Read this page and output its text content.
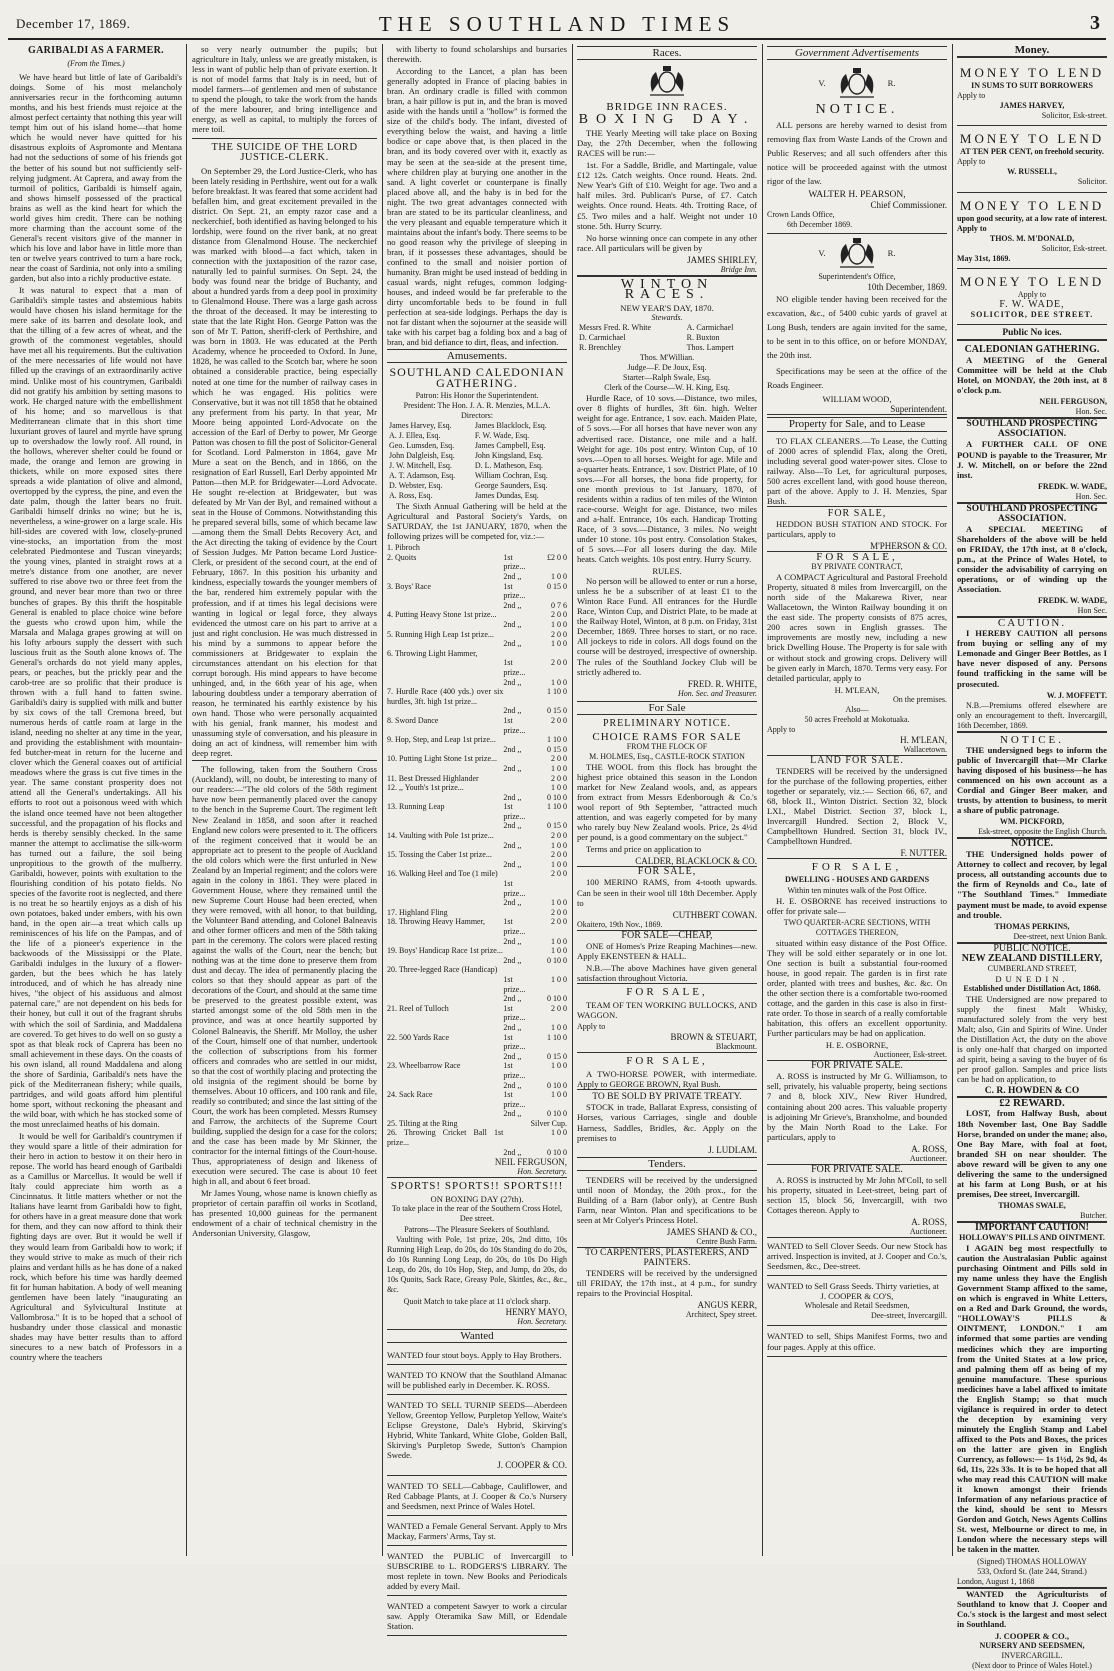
December 17, 1869.	THE SOUTHLAND TIMES	3
GARIBALDI AS A FARMER.
(From the Times.)

We have heard but little of late of Garibaldi's doings. Some of his most melancholy anniversaries recur in the forthcoming autumn months, and his best friends must rejoice at the almost perfect certainty that nothing this year will tempt him out of his island home—that home which he would never have quitted for his disastrous exploits of Aspromonte and Mentana had not the seductions of some of his friends got the better of his sound but not sufficiently self-relying judgment. At Caprera, and away from the turmoil of politics, Garibaldi is himself again, and shows himself possessed of the practical brains as well as the kind heart for which the world gives him credit. There can be nothing more charming than the account some of the General's recent visitors give of the manner in which his love and labor have in little more than ten or twelve years contrived to turn a bare rock, near the coast of Sardinia, not only into a smiling garden, but also into a richly productive estate.

It was natural to expect that a man of Garibaldi's simple tastes and abstemious habits would have chosen his island hermitage for the mere sake of its barren and desolate look, and that the tilling of a few acres of wheat, and the growth of the commonest vegetables, should have met all his requirements. But the cultivation of the mere necessaries of life would not have filled up the cravings of an extraordinarily active mind. Unlike most of his countrymen, Garibaldi did not gratify his ambition by setting masons to work. He charged nature with the embellishment of his home; and so marvellous is that Mediterranean climate that in this short time luxuriant groves of laurel and myrtle have sprung up to overshadow the lowly roof. All round, in the hollows, wherever shelter could be found or made, the orange and lemon are growing in thickets, while on more exposed sites there spreads a wide plantation of olive and almond, overtopped by the cypress, the pine, and even the date palm, though the latter bears no fruit. Garibaldi himself drinks no wine; but he is, nevertheless, a wine-grower on a large scale. His hill-sides are covered with low, closely-pruned vine-stocks, an importation from the most celebrated Piedmontese and Tuscan vineyards; the young vines, planted in straight rows at a metre's distance from one another, are never suffered to rise above two or three feet from the ground, and never bear more than two or three bunches of grapes. By this thrift the hospitable General is enabled to place choice wine before the guests who crowd upon him, while the Marsala and Malaga grapes growing at will on his lofty arbours supply the dessert with such luscious fruit as the South alone knows of. The General's orchards do not yield many apples, pears, or peaches, but the prickly pear and the carob-tree are so prolific that their produce is thrown with a full hand to fatten swine. Garibaldi's dairy is supplied with milk and butter by six cows of the tall Cremona breed, but numerous herds of cattle roam at large in the island, needing no shelter at any time in the year, and providing the establishment with mountain-fed butcher-meat in return for the lucerne and clover which the General coaxes out of artificial meadows where the grass is cut five times in the year. The same constant prosperity does not attend all the General's undertakings. All his efforts to root out a poisonous weed with which the island once teemed have not been altogether successful, and the propagation of his flocks and herds is thereby sensibly checked. In the same manner the attempt to acclimatise the silk-worm has turned out a failure, the soil being unpropitious to the growth of the mulberry. Garibaldi, however, points with exultation to the flourishing condition of his potato fields. No species of the favorite root is neglected, and there is no treat he so heartily enjoys as a dish of his own potatoes, baked under embers, with his own hand, in the open air—a treat which calls up reminiscences of his life on the Pampas, and of the life of a pioneer's experience in the backwoods of the Mississippi or the Plate. Garibaldi indulges in the luxury of a flower-garden, but the bees which he has lately introduced, and of which he has already nine hives, "the object of his assiduous and almost paternal care," are not dependent on his beds for their honey, but cull it out of the fragrant shrubs with which the soil of Sardinia, and Maddalena are covered. To get hives to do well on so gusty a spot as that bleak rock of Caprera has been no small achievement in these days. On the coasts of his own island, all round Maddalena and along the shore of Sardinia, Garibaldi's nets have the pick of the Mediterranean fishery; while quails, partridges, and wild goats afford him plentiful home sport, without reckoning the pheasant and the wild boar, with which he has stocked some of the most unreclaimed heaths of his domain.

It would be well for Garibaldi's countrymen if they would spare a little of their admiration for their hero in action to bestow it on their hero in repose. The world has heard enough of Garibaldi as a Camillus or Marcellus. It would be well if Italy could appreciate him worth as a Cincinnatus. It little matters whether or not the Italians have learnt from Garibaldi how to fight, for others have in a great measure done that work for them, and they can now afford to think their fighting days are over. But it would be well if they would learn from Garibaldi how to work; if they would strive to make as much of their rich plains and verdant hills as he has done of a naked rock, which before his time was hardly deemed fit for human habitation. A body of well meaning gentlemen have been lately "inaugurating an Agricultural and Sylvicultural Institute at Vallombrosa." It is to be hoped that a school of husbandry under those classical and monastic shades may have better results than to afford sinecures to a new batch of Professors in a country where the teachers

so very nearly outnumber the pupils; but agriculture in Italy, unless we are greatly mistaken, is less in want of public help than of private exertion. It is not of model farms that Italy is in need, but of model farmers—of gentlemen and men of substance to spend the plough, to take the work from the hands of the mere labourer, and bring intelligence and energy, as well as capital, to multiply the forces of mere toil.

THE SUICIDE OF THE LORD JUSTICE-CLERK.

On September 29, the Lord Justice-Clerk, who has been lately residing in Perthshire, went out for a walk before breakfast. It was feared that some accident had befallen him, and great excitement prevailed in the district. On Sept. 21, an empty razor case and a neckerchief, both identified as having belonged to his lordship, were found on the river bank, at no great distance from Glenalmond House. The neckerchief was marked with blood—a fact which, taken in connection with the juxtaposition of the razor case, naturally led to painful surmises. On Sept. 24, the body was found near the bridge of Buchanty, and about a hundred yards from a deep pool in proximity to Glenalmond House. There was a large gash across the throat of the deceased. It may be interesting to state that the late Right Hon. George Patton was the son of Mr T. Patton, sheriff-clerk of Perthshire, and was born in 1803. He was educated at the Perth Academy, whence he proceeded to Oxford. In June, 1828, he was called to the Scotch bar, where he soon obtained a considerable practice, being especially noted at one time for the number of railway cases in which he was engaged. His politics were Conservative, but it was not till 1858 that he obtained any preferment from his party. In that year, Mr Moore being appointed Lord-Advocate on the accession of the Earl of Derby to power, Mr George Patton was chosen to fill the post of Solicitor-General for Scotland. Lord Palmerston in 1864, gave Mr Mure a seat on the Bench, and in 1866, on the resignation of Earl Russell, Earl Derby appointed Mr Patton—then M.P. for Bridgewater—Lord Advocate. He sought re-election at Bridgewater, but was defeated by Mr Van der Byl, and remained without a seat in the House of Commons. Notwithstanding this he prepared several bills, some of which became law—among them the Small Debts Recovery Act, and the Act directing the taking of evidence by the Court of Session Judges. Mr Patton became Lord Justice-Clerk, or president of the second court, at the end of February, 1867. In this position his urbanity and kindness, especially towards the younger members of the bar, rendered him extremely popular with the profession, and if at times his legal decisions were wanting in logical or legal force, they always evidenced the utmost care on his part to arrive at a just and right conclusion. He was much distressed in his mind by a summons to appear before the commissioners at Bridgewater to explain the circumstances attendant on his election for that corrupt borough. His mind appears to have become unhinged, and, in the 66th year of his age, when labouring doubtless under a temporary aberration of reason, he terminated his earthly existence by his own hand. Those who were personally acquainted with his genial, frank manner, his modest and unassuming style of conversation, and his pleasure in doing an act of kindness, will remember him with deep regret.

The following, taken from the Southern Cross (Auckland), will, no doubt, be interesting to many of our readers:—"The old colors of the 58th regiment have now been permanently placed over the canopy to the bench in the Supreme Court. The regiment left New Zealand in 1858, and soon after it reached England new colors were presented to it. The officers of the regiment conceived that it would be an appropriate act to present to the people of Auckland the old colors which were the first unfurled in New Zealand by an Imperial regiment; and the colors were again in the colony in 1861. They were placed in Government House, where they remained until the new Supreme Court House had been erected, when they were removed, with all honor, to that building, the Volunteer Band attending, and Colonel Balneavis and other former officers and men of the 58th taking part in the ceremony. The colors were placed resting against the walls of the Court, near the bench; but nothing was at the time done to preserve them from dust and decay. The idea of permanently placing the colors so that they should appear as part of the decorations of the Court, and should at the same time be preserved to the greatest possible extent, was started amongst some of the old 58th men in the province, and was at once heartily supported by Colonel Balneavis, the Sheriff. Mr Molloy, the usher of the Court, himself one of that number, undertook the collection of subscriptions from his former officers and comrades who are settled in our midst, so that the cost of worthily placing and protecting the old insignia of the regiment should be borne by themselves. About 10 officers, and 100 rank and file, readily so contributed; and since the last sitting of the Court, the work has been completed. Messrs Rumsey and Farrow, the architects of the Supreme Court building, supplied the design for a case for the colors; and the case has been made by Mr Skinner, the contractor for the internal fittings of the Court-house. Thus, appropriateness of design and likeness of execution were secured. The case is about 10 feet high in all, and about 6 feet broad.

Mr James Young, whose name is known chiefly as proprietor of certain paraffin oil works in Scotland, has presented 10,000 guineas for the permanent endowment of a chair of technical chemistry in the Andersonian University, Glasgow,

with liberty to found scholarships and bursaries therewith.

According to the Lancet, a plan has been generally adopted in France of placing babies in bran. An ordinary cradle is filled with common bran, a hair pillow is put in, and the bran is moved aside with the hands until a "hollow" is formed the size of the child's body. The infant, divested of everything below the waist, and having a little bodice or cape above that, is then placed in the bran, and its body covered over with it, exactly as may be seen at the sea-side at the present time, where children play at burying one another in the sand. A light coverlet or counterpane is finally placed above all, and the baby is in bed for the night. The two great advantages connected with bran are stated to be its particular cleanliness, and the very pleasant and equable temperature which it maintains about the infant's body. There seems to be no good reason why the privilege of sleeping in bran, if it possesses these advantages, should be confined to the small and noisier portion of humanity. Bran might be used instead of bedding in casual wards, night refuges, common lodging-houses, and indeed would be far preferable to the dirty uncomfortable beds to be found in full perfection at sea-side lodgings. Perhaps the day is not far distant when the sojourner at the seaside will take with his carpet bag a folding box and a bag of bran, and bid defiance to dirt, fleas, and infection.

Amusements.
SOUTHLAND CALEDONIAN GATHERING.
Patron: His Honor the Superintendent.
President: The Hon. J. A. R. Menzies, M.L.A.
Directors:
James Harvey, Esq.	James Blacklock, Esq.
A. J. Ellea, Esq.	F. W. Wade, Esq.
Geo. Lumsden, Esq.	James Campbell, Esq.
John Dalgleish, Esq.	John Kingsland, Esq.
J. W. Mitchell, Esq.	D. L. Matheson, Esq.
A. T. Adamson, Esq.	William Cochran, Esq.
D. Webster, Esq.	George Saunders, Esq.
A. Ross, Esq.	James Dundas, Esq.

The Sixth Annual Gathering will be held at the Agricultural and Pastoral Society's Yards, on SATURDAY, the 1st JANUARY, 1870, when the following prizes will be competed for, viz.:—

1. Pibroch		
2. Quoits	1st prize...	£2 0 0
	2nd ,,	1 0 0
3. Boys' Race	1st prize...	0 15 0
	2nd ,,	0 7 6
4. Putting Heavy Stone 1st prize...		2 0 0
	2nd ,,	1 0 0
5. Running High Leap 1st prize...		2 0 0
	2nd ,,	1 0 0
6. Throwing Light Hammer,		
	1st prize...	2 0 0
	2nd ,,	1 0 0
7. Hurdle Race (400 yds.) over six hurdles, 3ft. high 1st prize...		1 10 0
	2nd ,,	0 15 0
8. Sword Dance	1st prize...	2 0 0
9. Hop, Step, and Leap 1st prize...		1 10 0
	2nd ,,	0 15 0
10. Putting Light Stone 1st prize...		2 0 0
	2nd ,,	1 0 0
11. Best Dressed Highlander		2 0 0
12. ,, Youth's 1st prize...		1 0 0
	2nd ,,	0 10 0
13. Running Leap	1st prize...	1 10 0
	2nd ,,	0 15 0
14. Vaulting with Pole 1st prize...		2 0 0
	2nd ,,	1 0 0
15. Tossing the Caber 1st prize...		2 0 0
	2nd ,,	1 0 0
16. Walking Heel and Toe (1 mile)		2 0 0
	1st prize...	
	2nd ,,	1 0 0
17. Highland Fling		2 0 0
18. Throwing Heavy Hammer,	1st prize...	2 0 0
	2nd ,,	1 0 0
19. Boys' Handicap Race 1st prize...		1 0 0
	2nd ,,	0 10 0
20. Three-legged Race (Handicap)		
	1st prize...	1 0 0
	2nd ,,	0 10 0
21. Reel of Tulloch	1st prize...	2 0 0
	2nd ,,	1 0 0
22. 500 Yards Race	1st prize...	1 10 0
	2nd ,,	0 15 0
23. Wheelbarrow Race	1st prize...	1 0 0
	2nd ,,	0 10 0
24. Sack Race	1st prize...	1 0 0
	2nd ,,	0 10 0
25. Tilting at the Ring		Silver Cup.
26. Throwing Cricket Ball 1st prize...		1 0 0
	2nd ,,	0 10 0
NEIL FERGUSON,
Hon. Secretary.
SPORTS! SPORTS!! SPORTS!!!
ON BOXING DAY (27th).
To take place in the rear of the Southern Cross Hotel, Dee street.
Patrons—The Pleasure Seekers of Southland.

Vaulting with Pole, 1st prize, 20s, 2nd ditto, 10s Running High Leap, do 20s, do 10s Standing do do 20s, do 10s Running Long Leap, do 20s, do 10s Do High Leap, do 20s, do 10s Hop, Step, and Jump, do 20s, do 10s Quoits, Sack Race, Greasy Pole, Skittles, &c., &c., &c.

Quoit Match to take place at 11 o'clock sharp.
HENRY MAYO,
Hon. Secretary.
Wanted
WANTED four stout boys. Apply to Hay Brothers.
WANTED TO KNOW that the Southland Almanac will be published early in December. K. ROSS.
WANTED TO SELL TURNIP SEEDS—Aberdeen Yellow, Greentop Yellow, Purpletop Yellow, Waite's Eclipse Greystone, Dale's Hybrid, Skirving's Hybrid, White Tankard, White Globe, Golden Ball, Skirving's Purpletop Swede, Sutton's Champion Swede.
J. COOPER & CO.
WANTED TO SELL—Cabbage, Cauliflower, and Red Cabbage Plants, at J. Cooper & Co.'s Nursery and Seedsmen, next Prince of Wales Hotel.
WANTED a Female General Servant. Apply to Mrs Mackay, Farmers' Arms, Tay st.
WANTED the PUBLIC of Invercargill to SUBSCRIBE to L. RODGERS'S LIBRARY. The most replete in town. New Books and Periodicals added by every Mail.
WANTED a competent Sawyer to work a circular saw. Apply Oteramika Saw Mill, or Edendale Station.
Races.
BRIDGE INN RACES.
BOXING DAY.

THE Yearly Meeting will take place on Boxing Day, the 27th December, when the following RACES will be run:—

1st. For a Saddle, Bridle, and Martingale, value £12 12s. Catch weights. Once round. Heats. 2nd. New Year's Gift of £10. Weight for age. Two and a half miles. 3rd. Publican's Purse, of £7. Catch weights. Once round. Heats. 4th. Trotting Race, of £5. Two miles and a half. Weight not under 10 stone. 5th. Hurry Scurry.

No horse winning once can compete in any other race. All particulars will be given by

JAMES SHIRLEY,
Bridge Inn.
WINTON RACES.
NEW YEAR'S DAY, 1870.
Stewards.
Messrs Fred. R. White	A. Carmichael
D. Carmichael	R. Buxton
R. Brenchley	Thos. Lampert
Thos. M'Willian.
Judge—F. De Joux, Esq.
Starter—Ralph Swale, Esq.
Clerk of the Course—W. H. King, Esq.

Hurdle Race, of 10 sovs.—Distance, two miles, over 8 flights of hurdles, 3ft 6in. high. Welter weight for age. Entrance, 1 sov. each. Maiden Plate, of 5 sovs.—For all horses that have never won any advertised race. Distance, one mile and a half. Weight for age. 10s post entry. Winton Cup, of 10 sovs.—Open to all horses. Weight for age. Mile and a-quarter heats. Entrance, 1 sov. District Plate, of 10 sovs.—For all horses, the bona fide property, for one month previous to 1st January, 1870, of residents within a radius of ten miles of the Winton race-course. Weight for age. Distance, two miles and a-half. Entrance, 10s each. Handicap Trotting Race, of 3 sovs.—Distance, 3 miles. No weight under 10 stone. 10s post entry. Consolation Stakes, of 5 sovs.—For all losers during the day. Mile heats. Catch weights. 10s post entry. Hurry Scurry.

RULES.

No person will be allowed to enter or run a horse, unless he be a subscriber of at least £1 to the Winton Race Fund. All entrances for the Hurdle Race, Winton Cup, and District Plate, to be made at the Railway Hotel, Winton, at 8 p.m. on Friday, 31st December, 1869. Three horses to start, or no race. All jockeys to ride in colors. All dogs found on the course will be destroyed, irrespective of ownership. The rules of the Southland Jockey Club will be strictly adhered to.

FRED. R. WHITE,
Hon. Sec. and Treasurer.
For Sale
PRELIMINARY NOTICE.
CHOICE RAMS FOR SALE
FROM THE FLOCK OF
M. HOLMES, Esq., CASTLE-ROCK STATION

THE WOOL from this flock has brought the highest price obtained this season in the London market for New Zealand wools, and, as appears from extract from Messrs Edenborough & Co.'s wool report of 9th September, "attracted much attention, and was eagerly competed for by many who rarely buy New Zealand wools. Price, 2s 4½d per pound, is a good commentary on the subject."

Terms and price on application to

CALDER, BLACKLOCK & CO.
FOR SALE,

100 MERINO RAMS, from 4-tooth upwards. Can be seen in their wool till 18th December. Apply to

CUTHBERT COWAN.
Okaitero, 19th Nov., 1869.
FOR SALE—CHEAP,

ONE of Homes's Prize Reaping Machines—new. Apply EKENSTEEN & HALL.

N.B.—The above Machines have given general satisfaction throughout Victoria.

FOR SALE,

TEAM OF TEN WORKING BULLOCKS, AND WAGGON.

Apply to
BROWN & STEUART,
Blackmount.
FOR SALE,

A TWO-HORSE POWER, with intermediate. Apply to GEORGE BROWN, Ryal Bush.

TO BE SOLD BY PRIVATE TREATY.

STOCK in trade, Ballarat Express, consisting of Horses, various Carriages, single and double Harness, Saddles, Bridles, &c. Apply on the premises to

J. LUDLAM.
Tenders.

TENDERS will be received by the undersigned until noon of Monday, the 20th prox., for the Building of a Barn (labor only), at Centre Bush Farm, near Winton. Plan and specifications to be seen at Mr Colyer's Princess Hotel.

JAMES SHAND & CO.,
Centre Bush Farm.
TO CARPENTERS, PLASTERERS, AND PAINTERS.

TENDERS will be received by the undersigned till FRIDAY, the 17th inst., at 4 p.m., for sundry repairs to the Provincial Hospital.

ANGUS KERR,
Architect, Spey street.
Government Advertisements
V.	R.
NOTICE.

ALL persons are hereby warned to desist from removing flax from Waste Lands of the Crown and Public Reserves; and all such offenders after this notice will be proceeded against with the utmost rigor of the law.

WALTER H. PEARSON,
Chief Commissioner.
Crown Lands Office,
6th December 1869.
V.	R.
Superintendent's Office,
10th December, 1869.

NO eligible tender having been received for the excavation, &c., of 5400 cubic yards of gravel at Long Bush, tenders are again invited for the same, to be sent in to this office, on or before MONDAY, the 20th inst.

Specifications may be seen at the office of the Roads Engineer.

WILLIAM WOOD,
Superintendent.
Property for Sale, and to Lease

TO FLAX CLEANERS.—To Lease, the Cutting of 2000 acres of splendid Flax, along the Oreti, including several good water-power sites. Close to railway. Also—To Let, for agricultural purposes, 500 acres excellent land, with good house thereon, part of the above. Apply to J. H. Menzies, Spar Bush.

FOR SALE,

HEDDON BUSH STATION AND STOCK. For particulars, apply to

M'PHERSON & CO.
FOR SALE,
BY PRIVATE CONTRACT,

A COMPACT Agricultural and Pastoral Freehold Property, situated 8 miles from Invercargill, on the north side of the Makarewa River, near Wallacetown, the Winton Railway bounding it on the east side. The property consists of 875 acres, 200 acres sown in English grasses. The improvements are mostly new, including a new brick Dwelling House. The Property is for sale with or without stock and growing crops. Delivery will be given early in March, 1870. Terms very easy. For detailed particular, apply to

H. M'LEAN,
On the premises.
Also—
50 acres Freehold at Mokotuaka.
Apply to
H. M'LEAN,
Wallacetown.
LAND FOR SALE.

TENDERS will be received by the undersigned for the purchase of the following properties, either together or separately, viz.:— Section 66, 67, and 68, block II., Winton District. Section 32, block LXI., Mabel District. Section 37, block I., Invercargill Hundred. Section 2, Block V., Campbelltown Hundred. Section 31, block IV., Campbelltown Hundred.

F. NUTTER.
FOR SALE,
DWELLING - HOUSES AND GARDENS
Within ten minutes walk of the Post Office.

H. E. OSBORNE has received instructions to offer for private sale—

TWO QUARTER-ACRE SECTIONS, WITH COTTAGES THEREON,

situated within easy distance of the Post Office. They will be sold either separately or in one lot. One section is built a substantial four-roomed house, in good repair. The garden is in first rate order, planted with trees and bushes, &c. &c. On the other section there is a comfortable two-roomed cottage, and the garden in this case is also in first-rate order. To those in search of a really comfortable habitation, this offers an excellent opportunity. Further particulars may be had on application.

H. E. OSBORNE,
Auctioneer, Esk-street.
FOR PRIVATE SALE.

A. ROSS is instructed by Mr G. Williamson, to sell, privately, his valuable property, being sections 7 and 8, block XIV., New River Hundred, containing about 200 acres. This valuable property is adjoining Mr Grieve's, Branxholme, and bounded by the Main North Road to the Lake. For particulars, apply to

A. ROSS,
Auctioneer.
FOR PRIVATE SALE.

A. ROSS is instructed by Mr John M'Coll, to sell his property, situated in Leet-street, being part of section 15, block 56, Invercargill, with two Cottages thereon. Apply to

A. ROSS,
Auctioneer.
WANTED to Sell Clover Seeds. Our new Stock has arrived. Inspection is invited, at J. Cooper and Co.'s, Seedsmen, &c., Dee-street.
WANTED to Sell Grass Seeds. Thirty varieties, at
J. COOPER & CO'S,
Wholesale and Retail Seedsmen,
Dee-street, Invercargill.
WANTED to sell, Ships Manifest Forms, two and four pages. Apply at this office.
Money.
MONEY TO LEND
IN SUMS TO SUIT BORROWERS
Apply to
JAMES HARVEY,
Solicitor, Esk-street.
MONEY TO LEND
AT TEN PER CENT, on freehold security.
Apply to
W. RUSSELL,
Solicitor.
MONEY TO LEND
upon good security, at a low rate of interest. Apply to
THOS. M. M'DONALD,
Solicitor, Esk-street.
May 31st, 1869.
MONEY TO LEND
Apply to
F. W. WADE,
SOLICITOR, DEE STREET.
Public No ices.
CALEDONIAN GATHERING.

A MEETING of the General Committee will be held at the Club Hotel, on MONDAY, the 20th inst, at 8 o'clock p.m.

NEIL FERGUSON,
Hon. Sec.
SOUTHLAND PROSPECTING ASSOCIATION.

A FURTHER CALL OF ONE POUND is payable to the Treasurer, Mr J. W. Mitchell, on or before the 22nd inst.

FREDK. W. WADE,
Hon. Sec.
SOUTHLAND PROSPECTING ASSOCIATION.

A SPECIAL MEETING of Shareholders of the above will be held on FRIDAY, the 17th inst, at 8 o'clock, p.m., at the Prince of Wales Hotel, to consider the advisability of carrying on operations, or of winding up the Association.

FREDK. W. WADE,
Hon Sec.
CAUTION.

I HEREBY CAUTION all persons from buying or selling any of my Lemonade and Ginger Beer Bottles, as I have never disposed of any. Persons found trafficking in the same will be prosecuted.

W. J. MOFFETT.

N.B.—Premiums offered elsewhere are only an encouragement to theft. Invercargill, 16th December, 1869.

NOTICE.

THE undersigned begs to inform the public of Invercargill that—Mr Clarke having disposed of his business—he has commenced on his own account as a Cordial and Ginger Beer maker, and trusts, by attention to business, to merit a share of public patronage.

WM. PICKFORD,
Esk-street, opposite the English Church.
NOTICE.

THE Undersigned holds power of Attorney to collect and recover, by legal process, all outstanding accounts due to the firm of Reynolds and Co., late of "The Southland Times." Immediate payment must be made, to avoid expense and trouble.

THOMAS PERKINS,
Dee-street, next Union Bank.
PUBLIC NOTICE.
NEW ZEALAND DISTILLERY,
CUMBERLAND STREET,
DUNEDIN.
Established under Distillation Act, 1868.

THE Undersigned are now prepared to supply the finest Malt Whisky, manufactured solely from the very best Malt; also, Gin and Spirits of Wine. Under the Distillation Act, the duty on the above is only one-half that charged on imported ad spirit, being a saving to the buyer of 6s per proof gallon. Samples and price lists can be had on application, to

C. R. HOWDEN & CO
£2 REWARD.

LOST, from Halfway Bush, about 18th November last, One Bay Saddle Horse, branded on under the mane; also, One Bay Mare, with foal at foot, branded SH on near shoulder. The above reward will be given to any one delivering the same to the undersigned at his farm at Long Bush, or at his premises, Dee street, Invercargill.

THOMAS SWALE,
Butcher.
IMPORTANT CAUTION!
HOLLOWAY'S PILLS AND OINTMENT.

I AGAIN beg most respectfully to caution the Australasian Public against purchasing Ointment and Pills sold in my name unless they have the English Government Stamp affixed to the same, on which is engraved in White Letters, on a Red and Dark Ground, the words, "HOLLOWAY'S PILLS & OINTMENT, LONDON." I am informed that some parties are vending medicines which they are importing from the United States at a low price, and palming them off as being of my genuine manufacture. These spurious medicines have a label affixed to imitate the English Stamp; so that much vigilance is required in order to detect the deception by examining very minutely the English Stamp and Label affixed to the Pots and Boxes, the prices on the latter are given in English Currency, as follows:— 1s 1½d, 2s 9d, 4s 6d, 11s, 22s 33s. It is to be hoped that all who may read this CAUTION will make it known amongst their friends Information of any nefarious practice of the kind, should be sent to Messrs Gordon and Gotch, News Agents Collins St. west, Melbourne or direct to me, in London where the necessary steps will be taken in the matter.

(Signed) THOMAS HOLLOWAY
533, Oxford St. (late 244, Strand.)
London, August 1, 1868

WANTED the Agriculturists of Southland to know that J. Cooper and Co.'s stock is the largest and most select in Southland.

J. COOPER & CO.,
NURSERY AND SEEDSMEN,
INVERCARGILL.
(Next door to Prince of Wales Hotel.)
